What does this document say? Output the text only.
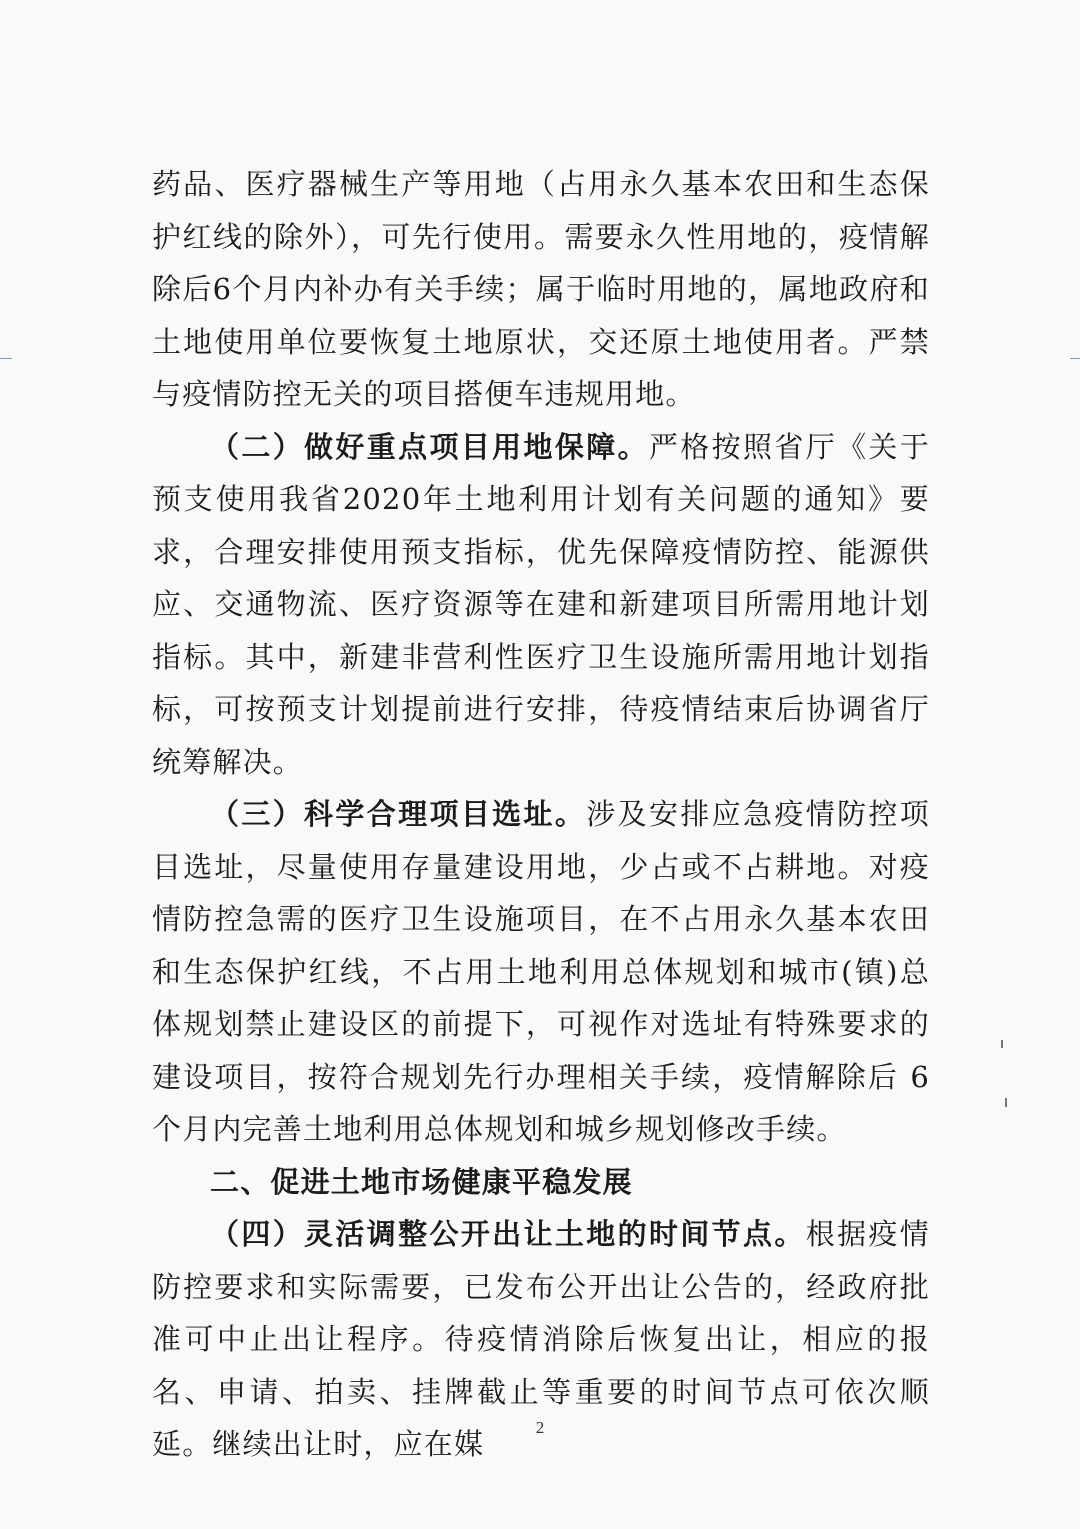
药品、医疗器械生产等用地（占用永久基本农田和生态保护红线的除外），可先行使用。需要永久性用地的，疫情解除后6个月内补办有关手续；属于临时用地的，属地政府和土地使用单位要恢复土地原状，交还原土地使用者。严禁与疫情防控无关的项目搭便车违规用地。

（二）做好重点项目用地保障。严格按照省厅《关于预支使用我省2020年土地利用计划有关问题的通知》要求，合理安排使用预支指标，优先保障疫情防控、能源供应、交通物流、医疗资源等在建和新建项目所需用地计划指标。其中，新建非营利性医疗卫生设施所需用地计划指标，可按预支计划提前进行安排，待疫情结束后协调省厅统筹解决。

（三）科学合理项目选址。涉及安排应急疫情防控项目选址，尽量使用存量建设用地，少占或不占耕地。对疫情防控急需的医疗卫生设施项目，在不占用永久基本农田和生态保护红线，不占用土地利用总体规划和城市(镇)总体规划禁止建设区的前提下，可视作对选址有特殊要求的建设项目，按符合规划先行办理相关手续，疫情解除后 6 个月内完善土地利用总体规划和城乡规划修改手续。

二、促进土地市场健康平稳发展

（四）灵活调整公开出让土地的时间节点。根据疫情防控要求和实际需要，已发布公开出让公告的，经政府批准可中止出让程序。待疫情消除后恢复出让，相应的报名、申请、拍卖、挂牌截止等重要的时间节点可依次顺延。继续出让时，应在媒	2
